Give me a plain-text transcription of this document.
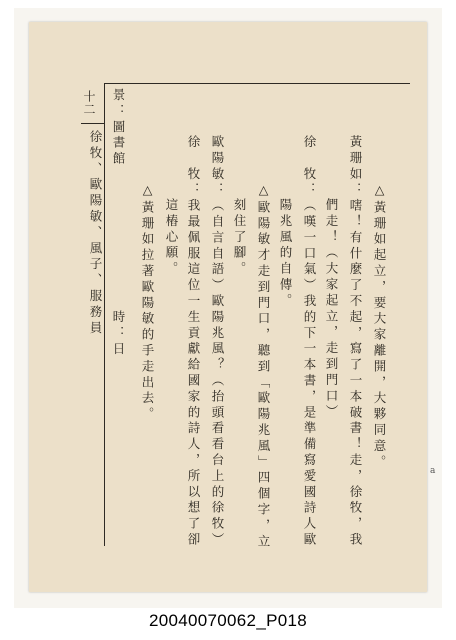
十二 景：圖書館
時：日
徐牧、歐陽敏、風子、服務員	△黃珊如起立，要大家離開，大夥同意。
黃珊如：嗐！有什麼了不起，寫了一本破書！走，徐牧，我
們走！（大家起立，走到門口）
徐　牧：（嘆一口氣）我的下一本書，是準備寫愛國詩人歐
陽兆風的自傳。
△歐陽敏才走到門口，聽到「歐陽兆風」四個字，立
刻住了腳。
歐陽敏：（自言自語）歐陽兆風？（抬頭看看台上的徐牧）
徐　牧：我最佩服這位一生貢獻給國家的詩人，所以想了卻
這樁心願。
△黃珊如拉著歐陽敏的手走出去。
a
20040070062_P018
